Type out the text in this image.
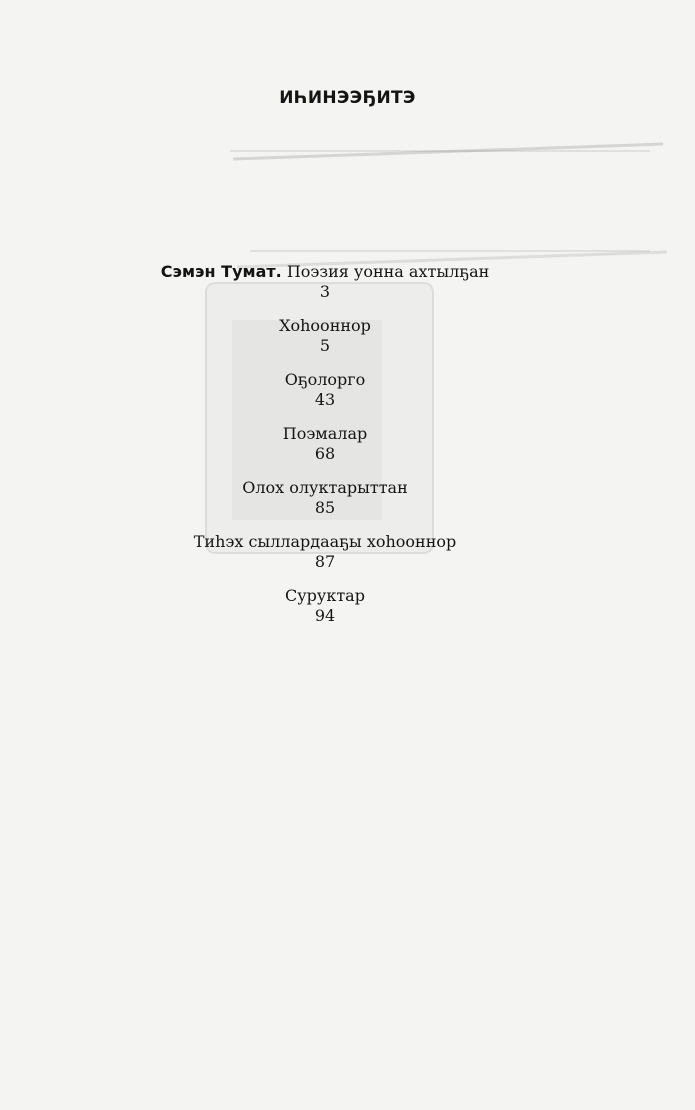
ИҺИНЭЭҔИТЭ
Сэмэн Тумат. Поэзия уонна ахтылҕан
3
Хоһооннор
5
Оҕолорго
43
Поэмалар
68
Олох олуктарыттан
85
Тиһэх сыллардааҕы хоһооннор
87
Суруктар
94
